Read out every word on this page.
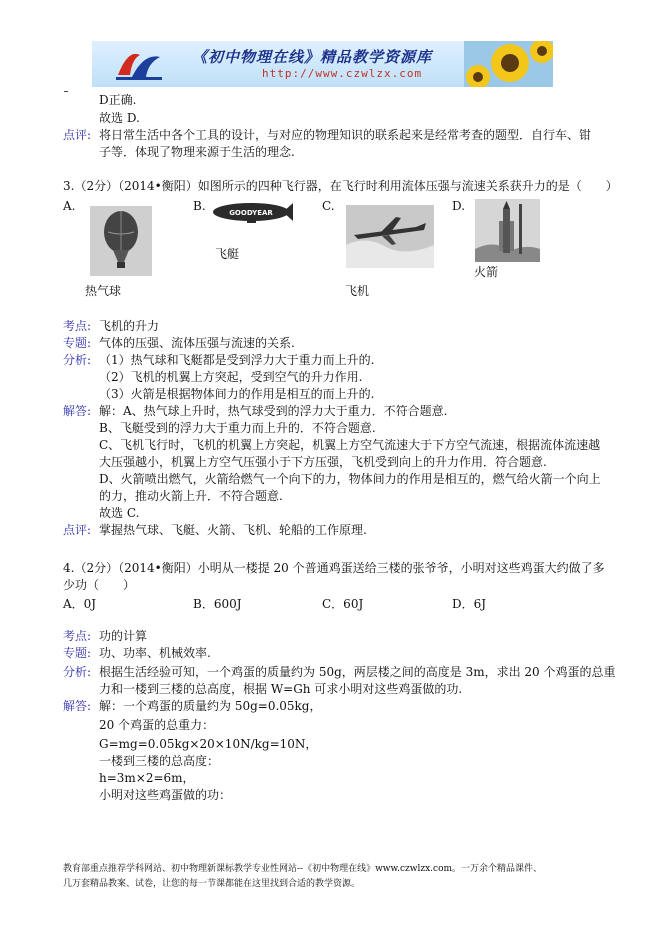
《初中物理在线》精品教学资源库
http://www.czwlzx.com
D正确.
故选 D.
点评: 将日常生活中各个工具的设计，与对应的物理知识的联系起来是经常考查的题型．自行车、钳
子等．体现了物理来源于生活的理念.
3.（2分）（2014•衡阳）如图所示的四种飞行器，在飞行时利用流体压强与流速关系获升力的是（　　）
A.	B.	C.	D.
GOODYEAR
飞艇
火箭
热气球	飞机
考点: 飞机的升力
专题: 气体的压强、流体压强与流速的关系.
分析: （1）热气球和飞艇都是受到浮力大于重力而上升的.
（2）飞机的机翼上方突起，受到空气的升力作用.
（3）火箭是根据物体间力的作用是相互的而上升的.
解答: 解：A、热气球上升时，热气球受到的浮力大于重力．不符合题意.
B、飞艇受到的浮力大于重力而上升的．不符合题意.
C、飞机飞行时，飞机的机翼上方突起，机翼上方空气流速大于下方空气流速，根据流体流速越
大压强越小，机翼上方空气压强小于下方压强，飞机受到向上的升力作用．符合题意.
D、火箭喷出燃气，火箭给燃气一个向下的力，物体间力的作用是相互的，燃气给火箭一个向上
的力，推动火箭上升．不符合题意.
故选 C.
点评: 掌握热气球、飞艇、火箭、飞机、轮船的工作原理.
4.（2分）（2014•衡阳）小明从一楼提 20 个普通鸡蛋送给三楼的张爷爷，小明对这些鸡蛋大约做了多
少功（　　）
A．0J	B．600J	C．60J	D．6J
考点: 功的计算
专题: 功、功率、机械效率.
分析: 根据生活经验可知，一个鸡蛋的质量约为 50g，两层楼之间的高度是 3m，求出 20 个鸡蛋的总重
力和一楼到三楼的总高度，根据 W=Gh 可求小明对这些鸡蛋做的功.
解答: 解：一个鸡蛋的质量约为 50g=0.05kg，
20 个鸡蛋的总重力：
G=mg=0.05kg×20×10N/kg=10N，
一楼到三楼的总高度：
h=3m×2=6m，
小明对这些鸡蛋做的功：
教育部重点推荐学科网站、初中物理新课标教学专业性网站--《初中物理在线》www.czwlzx.com。一万余个精品课件、
几万套精品教案、试卷，让您的每一节课都能在这里找到合适的教学资源。
